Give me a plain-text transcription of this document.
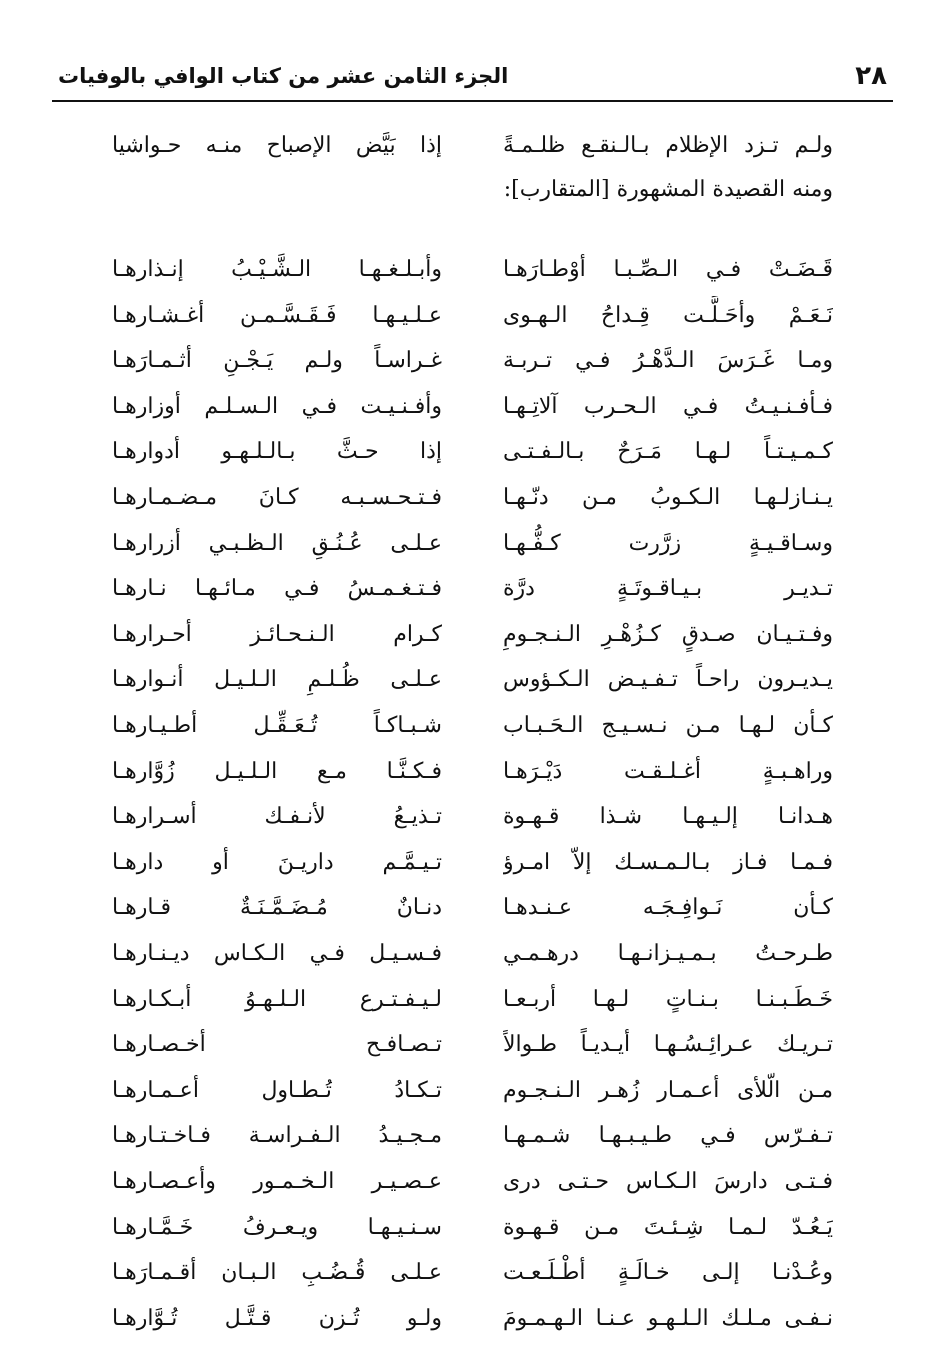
٢٨
الجزء الثامن عشر من كتاب الوافي بالوفيات
ولـم تـزد الإظلام بـالـنقـع ظلـمـةً
إذا بَيَّض الإصباح منـه حـواشيا
ومنه القصيدة المشهورة [المتقارب]:
قَـضَـتْ فـي الـصِّـبـا أوْطـارَهـا
وأبـلـغـهـا الـشَّـيْـبُ إنـذارهـا
نَـعَـمْ وأحَـلَّـت قِـداحُ الـهـوى
عـلـيـهـا فَـقَـسَّـمـن أغـشـارهـا
ومـا غَـرَسَ الـدَّهْـرُ فـي تـربـة
غـراسـاً ولـم يَـجْـنِ أثـمـارَهـا
فـأفـنـيـتُ فـي الـحـرب آلاتِـهـا
وأفـنـيـت فـي الـسـلـم أوزارهـا
كـمـيـتـاً لـهـا مَـرَحٌ بـالـفـتـى
إذا حـثَّ بـالـلـهـو أدوارهـا
يـنـازلـهـا الـكـوبُ مـن دنّـهـا
فـتـحـسـبـه كـانَ مـضـمـارهـا
وسـاقـيـةٍ زرَّرت كـفُّـهـا
عـلـى عُـنُـقِ الـظـبـي أزرارهـا
تـديـر بـيـاقـوتَـةٍ درَّة
فـتـغـمـسُ فـي مـائـهـا نـارهـا
وفـتـيـان صـدقٍ كـزُهْـرِ الـنـجـومِ
كـرام الـنـحـائـز أحـرارهـا
يـديـرون راحـاً تـفـيـض الـكـؤوس
عـلـى ظُـلـمِ الـلـيـل أنـوارهـا
كـأن لـهـا مـن نـسـيـج الـحَـبـاب
شـبـاكـاً تُـعَـقِّـل أطـيـارهـا
وراهـبـةٍ أغـلـقـت دَيْـرَهـا
فـكـنَّـا مـع الـلـيـل زُوَّارهـا
هـدانـا إلـيـهـا شـذا قـهـوة
تـذيـعُ لأنـفـك أسـرارهـا
فـمـا فـاز بـالـمـسـك إلاّ امـرؤ
تـيـمَّـم داريـنَ أو دارهـا
كـأن نَـوافِـجَـه عـنـدهـا
دنـانٌ مُـضَـمَّـنَـةٌ قـارهـا
طـرحـتُ بـمـيـزانـهـا درهـمـي
فـسـيـل فـي الـكـاس ديـنـارهـا
خَـطَـبـنـا بـنـاتٍ لـهـا أربـعـا
لـيـفـتـرع الـلـهـوُ أبـكـارهـا
تـريـك عـرائِـسُـهـا أيـديـاً طـوالاً
تـصـافـح أخـصـارهـا
مـن الّلأى أعـمـار زُهـر الـنـجـوم
تـكـادُ تُـطـاول أعـمـارهـا
تـفـرّس فـي طـيـبـهـا شـمـهـا
مـجـيـدُ الـفـراسـة فـاخـتـارهـا
فـتـى دارسَ الـكـاس حـتـى دری
عـصـيـر الـخـمـور وأعـصـارهـا
يَـعُـدّ لـمـا شِـئـتَ مـن قـهـوة
سـنـيـهـا ويـعـرفُ خَـمَّـارهـا
وعُـدْنـا إلـى خـالَـةٍ أطْـلَـعـت
عـلـى قُـضُـبِ الـبـان أقـمـارَهـا
نـفـى مـلـك الـلـهـو عـنـا الـهـمـومَ
ولـو تُـزن قـتَّـل تُـوَّارهـا
